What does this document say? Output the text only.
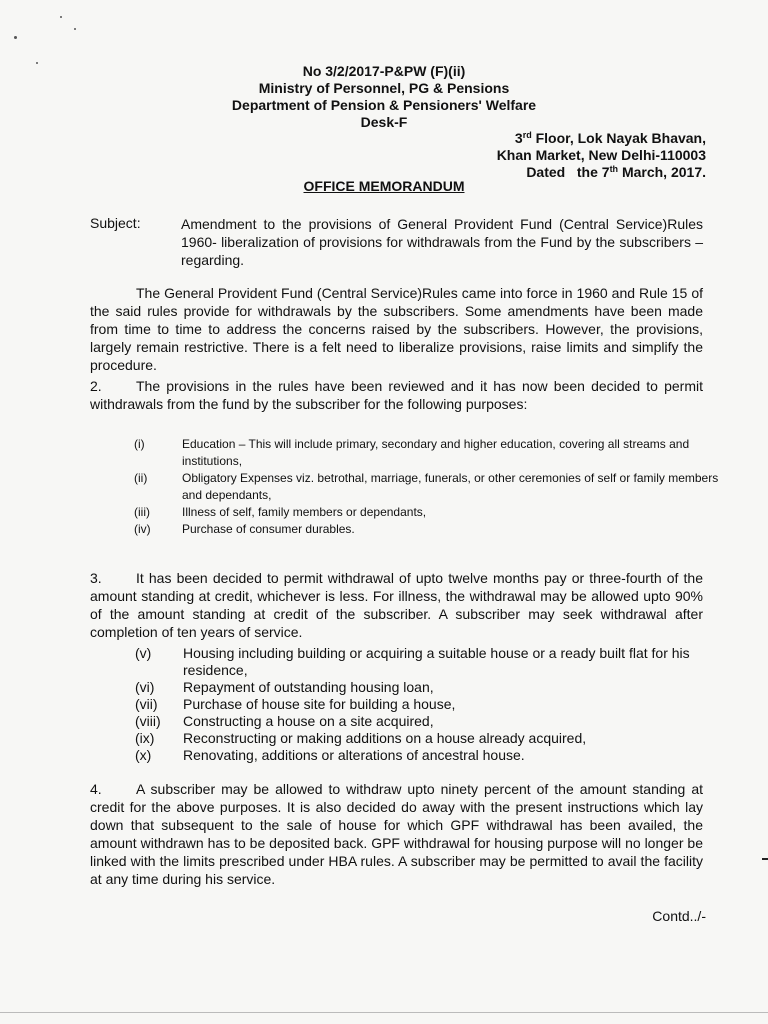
No 3/2/2017-P&PW (F)(ii)
Ministry of Personnel, PG & Pensions
Department of Pension & Pensioners' Welfare
Desk-F
3rd Floor, Lok Nayak Bhavan,
Khan Market, New Delhi-110003
Dated   the 7th March, 2017.
OFFICE MEMORANDUM
Subject:	Amendment to the provisions of General Provident Fund (Central Service)Rules 1960- liberalization of provisions for withdrawals from the Fund by the subscribers – regarding.
The General Provident Fund (Central Service)Rules came into force in 1960 and Rule 15 of the said rules provide for withdrawals by the subscribers. Some amendments have been made from time to time to address the concerns raised by the subscribers. However, the provisions, largely remain restrictive. There is a felt need to liberalize provisions, raise limits and simplify the procedure.
2. The provisions in the rules have been reviewed and it has now been decided to permit withdrawals from the fund by the subscriber for the following purposes:
(i)	Education – This will include primary, secondary and higher education, covering all streams and institutions,
(ii)	Obligatory Expenses viz. betrothal, marriage, funerals, or other ceremonies of self or family members and dependants,
(iii)	Illness of self, family members or dependants,
(iv)	Purchase of consumer durables.
3. It has been decided to permit withdrawal of upto twelve months pay or three-fourth of the amount standing at credit, whichever is less. For illness, the withdrawal may be allowed upto 90% of the amount standing at credit of the subscriber. A subscriber may seek withdrawal after completion of ten years of service.
(v)	Housing including building or acquiring a suitable house or a ready built flat for his residence,
(vi)	Repayment of outstanding housing loan,
(vii)	Purchase of house site for building a house,
(viii)	Constructing a house on a site acquired,
(ix)	Reconstructing or making additions on a house already acquired,
(x)	Renovating, additions or alterations of ancestral house.
4. A subscriber may be allowed to withdraw upto ninety percent of the amount standing at credit for the above purposes. It is also decided do away with the present instructions which lay down that subsequent to the sale of house for which GPF withdrawal has been availed, the amount withdrawn has to be deposited back. GPF withdrawal for housing purpose will no longer be linked with the limits prescribed under HBA rules. A subscriber may be permitted to avail the facility at any time during his service.
Contd../-
